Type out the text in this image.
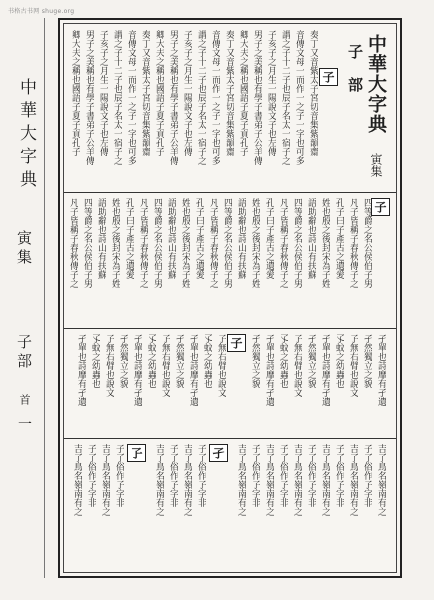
书格古书网 shuge.org
中華大字典
寅集   子部 首
一
中華大字典 寅集
子 部
子
奏丁又音紫太子宮切音集紫韻齋
音傳文母一而作一之子一字也可多
謂之子十二子也辰子名太一宿子之
子亥子之月生一陽說文子也左傳
男子之美稱也有學子書弟子公羊傳
卿大夫之稱也國語子夏子貢孔子
奏丁又音紫太子宮切音集紫韻齋
音傳文母一而作一之子一字也可多
謂之子十二子也辰子名太一宿子之
子亥子之月生一陽說文子也左傳
男子之美稱也有學子書弟子公羊傳
卿大夫之稱也國語子夏子貢孔子
奏丁又音紫太子宮切音集紫韻齋
音傳文母一而作一之子一字也可多
謂之子十二子也辰子名太一宿子之
子亥子之月生一陽說文子也左傳
男子之美稱也有學子書弟子公羊傳
卿大夫之稱也國語子夏子貢孔子
子
四等爵之名公侯伯子男
凡子皆稱子春秋傳子之
孔子曰子產古之遺愛
姓也殷之後封宋為子姓
語助辭也詩山有扶蘇
四等爵之名公侯伯子男
凡子皆稱子春秋傳子之
孔子曰子產古之遺愛
姓也殷之後封宋為子姓
語助辭也詩山有扶蘇
四等爵之名公侯伯子男
凡子皆稱子春秋傳子之
孔子曰子產古之遺愛
姓也殷之後封宋為子姓
語助辭也詩山有扶蘇
四等爵之名公侯伯子男
凡子皆稱子春秋傳子之
孔子曰子產古之遺愛
姓也殷之後封宋為子姓
語助辭也詩山有扶蘇
四等爵之名公侯伯子男
凡子皆稱子春秋傳子之
子	孑單也詩靡有孑遺
孑然獨立之貌
孒無右臂也說文
孓蚊之幼蟲也
孑單也詩靡有孑遺
孑然獨立之貌
孒無右臂也說文
孓蚊之幼蟲也
孑單也詩靡有孑遺
孑然獨立之貌
孒無右臂也說文
孓蚊之幼蟲也
孑單也詩靡有孑遺
孑然獨立之貌
孒無右臂也說文
孓蚊之幼蟲也
孑單也詩靡有孑遺
孑然獨立之貌
孒無右臂也說文
孓蚊之幼蟲也
孑單也詩靡有孑遺
孑
孒	吉了鳥名嶺南有之
子了俗作孒字非
吉了鳥名嶺南有之
子了俗作孒字非
吉了鳥名嶺南有之
子了俗作孒字非
吉了鳥名嶺南有之
子了俗作孒字非
吉了鳥名嶺南有之
子了俗作孒字非
吉了鳥名嶺南有之
子了俗作孒字非
吉了鳥名嶺南有之
子了俗作孒字非
吉了鳥名嶺南有之
子了俗作孒字非
吉了鳥名嶺南有之
子了俗作孒字非
吉了鳥名嶺南有之
